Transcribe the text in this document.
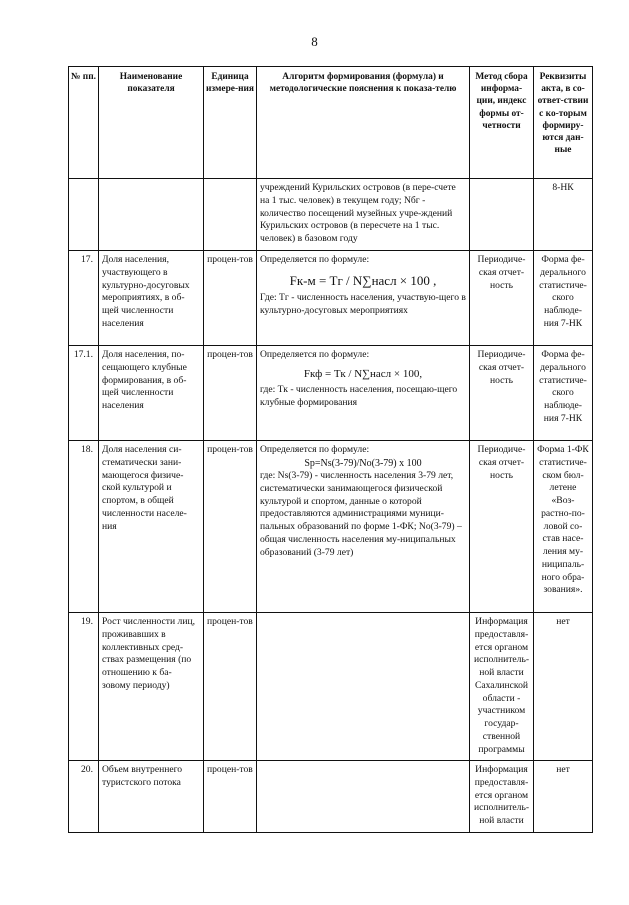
8
№ пп.	Наименование показателя	Единица измере-ния	Алгоритм формирования (формула) и методологические пояснения к показа-телю	Метод сбора информа-ции, индекс формы от-четности	Реквизиты акта, в со-ответ-ствии с ко-торым формиру-ются дан-ные
			учреждений Курильских островов (в пере-счете на 1 тыс. человек) в текущем году; Nбг - количество посещений музейных учре-ждений Курильских островов (в пересчете на 1 тыс. человек) в базовом году		8-НК
17.	Доля населения, участвующего в культурно-досуговых мероприятиях, в об-щей численности населения	процен-тов	Определяется по формуле:
Fк-м = Тг / N∑насл × 100 ,
Где: Тг - численность населения, участвую-щего в культурно-досуговых мероприятиях	Периодиче-ская отчет-ность	Форма фе-дерального статистиче-ского наблюде-ния 7-НК
17.1.	Доля населения, по-сещающего клубные формирования, в об-щей численности населения	процен-тов	Определяется по формуле:
Fкф = Тк / N∑насл × 100,
где: Тк - численность населения, посещаю-щего клубные формирования	Периодиче-ская отчет-ность	Форма фе-дерального статистиче-ского наблюде-ния 7-НК
18.	Доля населения си-стематически зани-мающегося физиче-ской культурой и спортом, в общей численности населе-ния	процен-тов	Определяется по формуле:
Sp=Ns(3-79)/No(3-79) x 100
где: Ns(3-79) - численность населения 3-79 лет, систематически занимающегося физической культурой и спортом, данные о которой предоставляются администрациями муници-пальных образований по форме 1-ФК; No(3-79) – общая численность населения му-ниципальных образований (3-79 лет)	Периодиче-ская отчет-ность	Форма 1-ФК статистиче-ском бюл-летене «Воз-растно-по-ловой со-став насе-ления му-ниципаль-ного обра-зования».
19.	Рост численности лиц, проживавших в коллективных сред-ствах размещения (по отношению к ба-зовому периоду)	процен-тов		Информация предоставля-ется органом исполнитель-ной власти Сахалинской области - участником государ-ственной программы	нет
20.	Объем внутреннего туристского потока	процен-тов		Информация предоставля-ется органом исполнитель-ной власти	нет
